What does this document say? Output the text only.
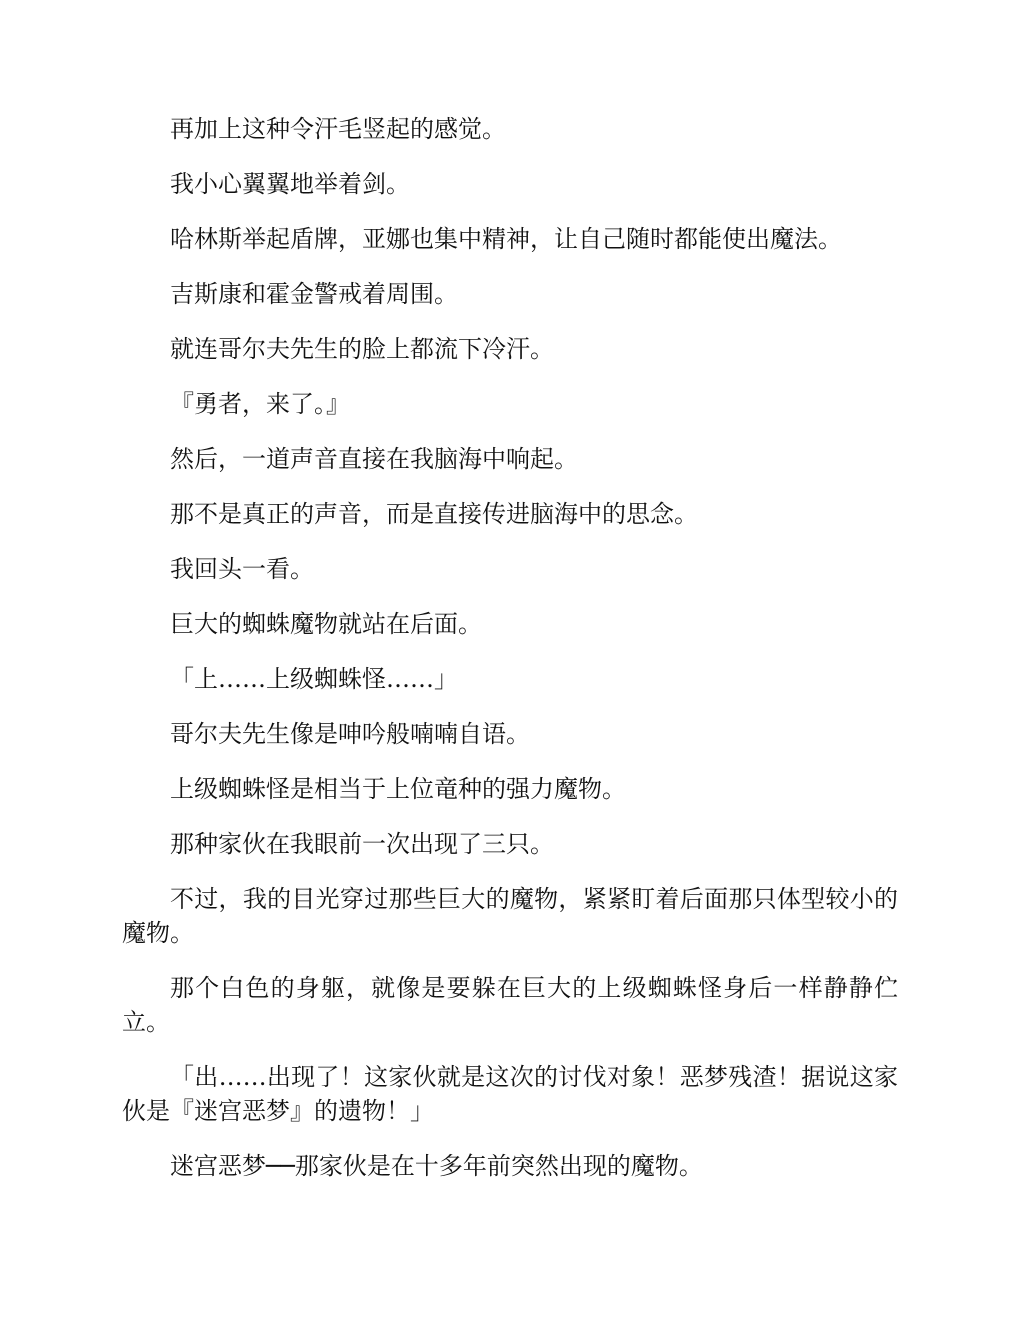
再加上这种令汗毛竖起的感觉。

我小心翼翼地举着剑。

哈林斯举起盾牌，亚娜也集中精神，让自己随时都能使出魔法。

吉斯康和霍金警戒着周围。

就连哥尔夫先生的脸上都流下冷汗。

『勇者，来了。』

然后，一道声音直接在我脑海中响起。

那不是真正的声音，而是直接传进脑海中的思念。

我回头一看。

巨大的蜘蛛魔物就站在后面。

「上……上级蜘蛛怪……」

哥尔夫先生像是呻吟般喃喃自语。

上级蜘蛛怪是相当于上位竜种的强力魔物。

那种家伙在我眼前一次出现了三只。

不过，我的目光穿过那些巨大的魔物，紧紧盯着后面那只体型较小的魔物。

那个白色的身躯，就像是要躲在巨大的上级蜘蛛怪身后一样静静伫立。

「出……出现了！这家伙就是这次的讨伐对象！恶梦残渣！据说这家伙是『迷宫恶梦』的遗物！」

迷宫恶梦──那家伙是在十多年前突然出现的魔物。
